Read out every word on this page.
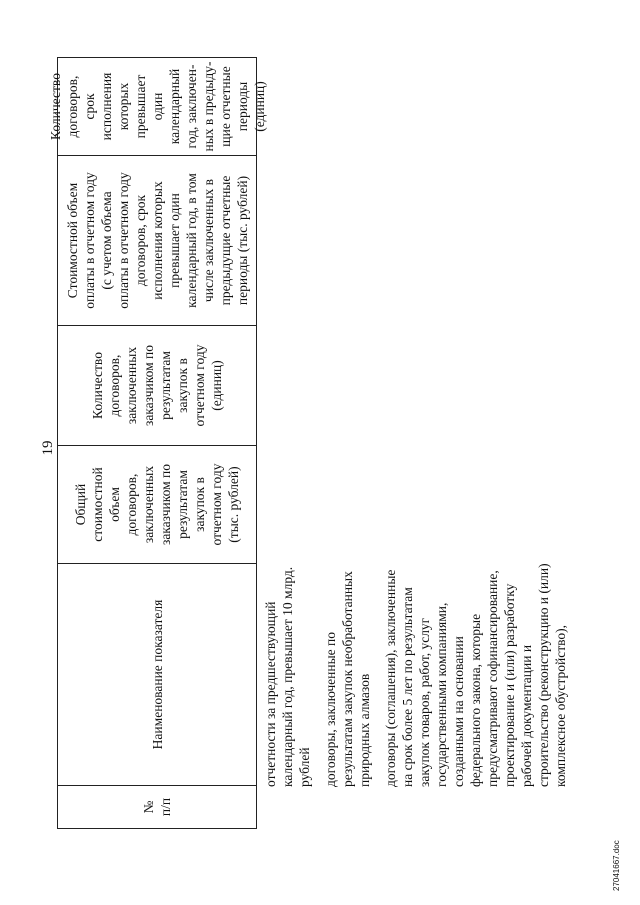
19
№
п/п
Наименование показателя
Общий
стоимостной
объем
договоров,
заключенных
заказчиком по
результатам
закупок в
отчетном году
(тыс. рублей)
Количество
договоров,
заключенных
заказчиком по
результатам
закупок в
отчетном году
(единиц)
Стоимостной объем
оплаты в отчетном году
(с учетом объема
оплаты в отчетном году
договоров, срок
исполнения которых
превышает один
календарный год, в том
числе заключенных в
предыдущие отчетные
периоды (тыс. рублей)
Количество
договоров, срок
исполнения
которых
превышает один
календарный
год, заключен-
ных в предыду-
щие отчетные
периоды
(единиц)

отчетности за предшествующий
календарный год, превышает 10 млрд.
рублей договоры, заключенные по
результатам закупок необработанных
природных алмазов

договоры (соглашения), заключенные
на срок более 5 лет по результатам
закупок товаров, работ, услуг
государственными компаниями,
созданными на основании
федерального закона, которые
предусматривают софинансирование,
проектирование и (или) разработку
рабочей документации и
строительство (реконструкцию и (или)
комплексное обустройство),

27041667.doc
